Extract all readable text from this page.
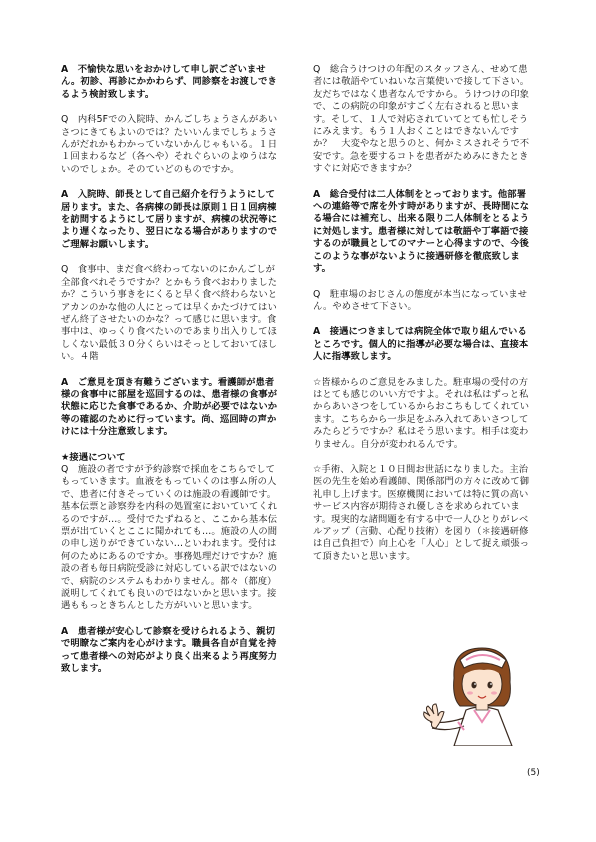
A　不愉快な思いをおかけして申し訳ございません。初診、再診にかかわらず、同診察をお渡しできるよう検討致します。

Q　内科5Fでの入院時、かんごしちょうさんがあいさつにきてもよいのでは？たいいんまでしちょうさんがだれかもわかっていないかんじゃもいる。１日１回まわるなど（各へや）それぐらいのよゆうはないのでしょか。そのていどのものですか。

A　入院時、師長として自己紹介を行うようにして居ります。また、各病棟の師長は原則１日１回病棟を訪問するようにして居りますが、病棟の状況等により遅くなったり、翌日になる場合がありますのでご理解お願いします。

Q　食事中、まだ食べ終わってないのにかんごしが全部食べれそうですか？とかもう食べおわりましたか？こういう事きをにくると早く食べ終わらないとアカンのかな他の人にとっては早くかたづけてはいぜん終了させたいのかな？って感じに思います。食事中は、ゆっくり食べたいのであまり出入りしてほしくない最低３０分くらいはそっとしておいてほしい。４階

A　ご意見を頂き有難うございます。看護師が患者様の食事中に部屋を巡回するのは、患者様の食事が状態に応じた食事であるか、介助が必要ではないか等の確認のために行っています。尚、巡回時の声かけには十分注意致します。

★接遇について

Q　施設の者ですが予約診察で採血をこちらでしてもっていきます。血液をもっていくのは事ム所の人で、患者に付きそっていくのは施設の看護師です。基本伝票と診察券を内科の処置室においていてくれるのですが…。受付でたずねると、ここから基本伝票が出ていくとここに聞かれても…。施設の人の間の申し送りができていない…といわれます。受付は何のためにあるのですか。事務処理だけですか？施設の者も毎日病院受診に対応している訳ではないので、病院のシステムもわかりません。都々（都度）説明してくれても良いのではないかと思います。接遇ももっときちんとした方がいいと思います。

A　患者様が安心して診察を受けられるよう、親切で明瞭なご案内を心がけます。職員各自が自覚を持って患者様への対応がより良く出来るよう再度努力致します。

Q　総合うけつけの年配のスタッフさん、せめて患者には敬語やていねいな言葉使いで接して下さい。友だちではなく患者なんですから。うけつけの印象で、この病院の印象がすごく左右されると思います。そして、１人で対応されていてとても忙しそうにみえます。もう１人おくことはできないんですか？　大変やなと思うのと、何かミスされそうで不安です。急を要するコトを患者がためみにきたときすぐに対応できますか？

A　総合受付は二人体制をとっております。他部署への連絡等で席を外す時がありますが、長時間になる場合には補充し、出来る限り二人体制をとるように対処します。患者様に対しては敬語や丁寧語で接するのが職員としてのマナーと心得ますので、今後このような事がないように接遇研修を徹底致します。

Q　駐車場のおじさんの態度が本当になっていません。やめさせて下さい。

A　接遇につきましては病院全体で取り組んでいるところです。個人的に指導が必要な場合は、直接本人に指導致します。

☆皆様からのご意見をみました。駐車場の受付の方はとても感じのいい方ですよ。それは私はずっと私からあいさつをしているからおこちもしてくれています。こちらから一歩足をふみ入れてあいさつしてみたらどうですか？私はそう思います。相手は変わりません。自分が変われるんです。

☆手術、入院と１０日間お世話になりました。主治医の先生を始め看護師、関係部門の方々に改めて御礼申し上げます。医療機関においては特に質の高いサービス内容が期待され優しさを求められています。現実的な諸問題を有する中で一人ひとりがレベルアップ（言動、心配り技術）を図り（＊接遇研修は自己負担で）向上心を「人心」として捉え頑張って頂きたいと思います。

(5)
